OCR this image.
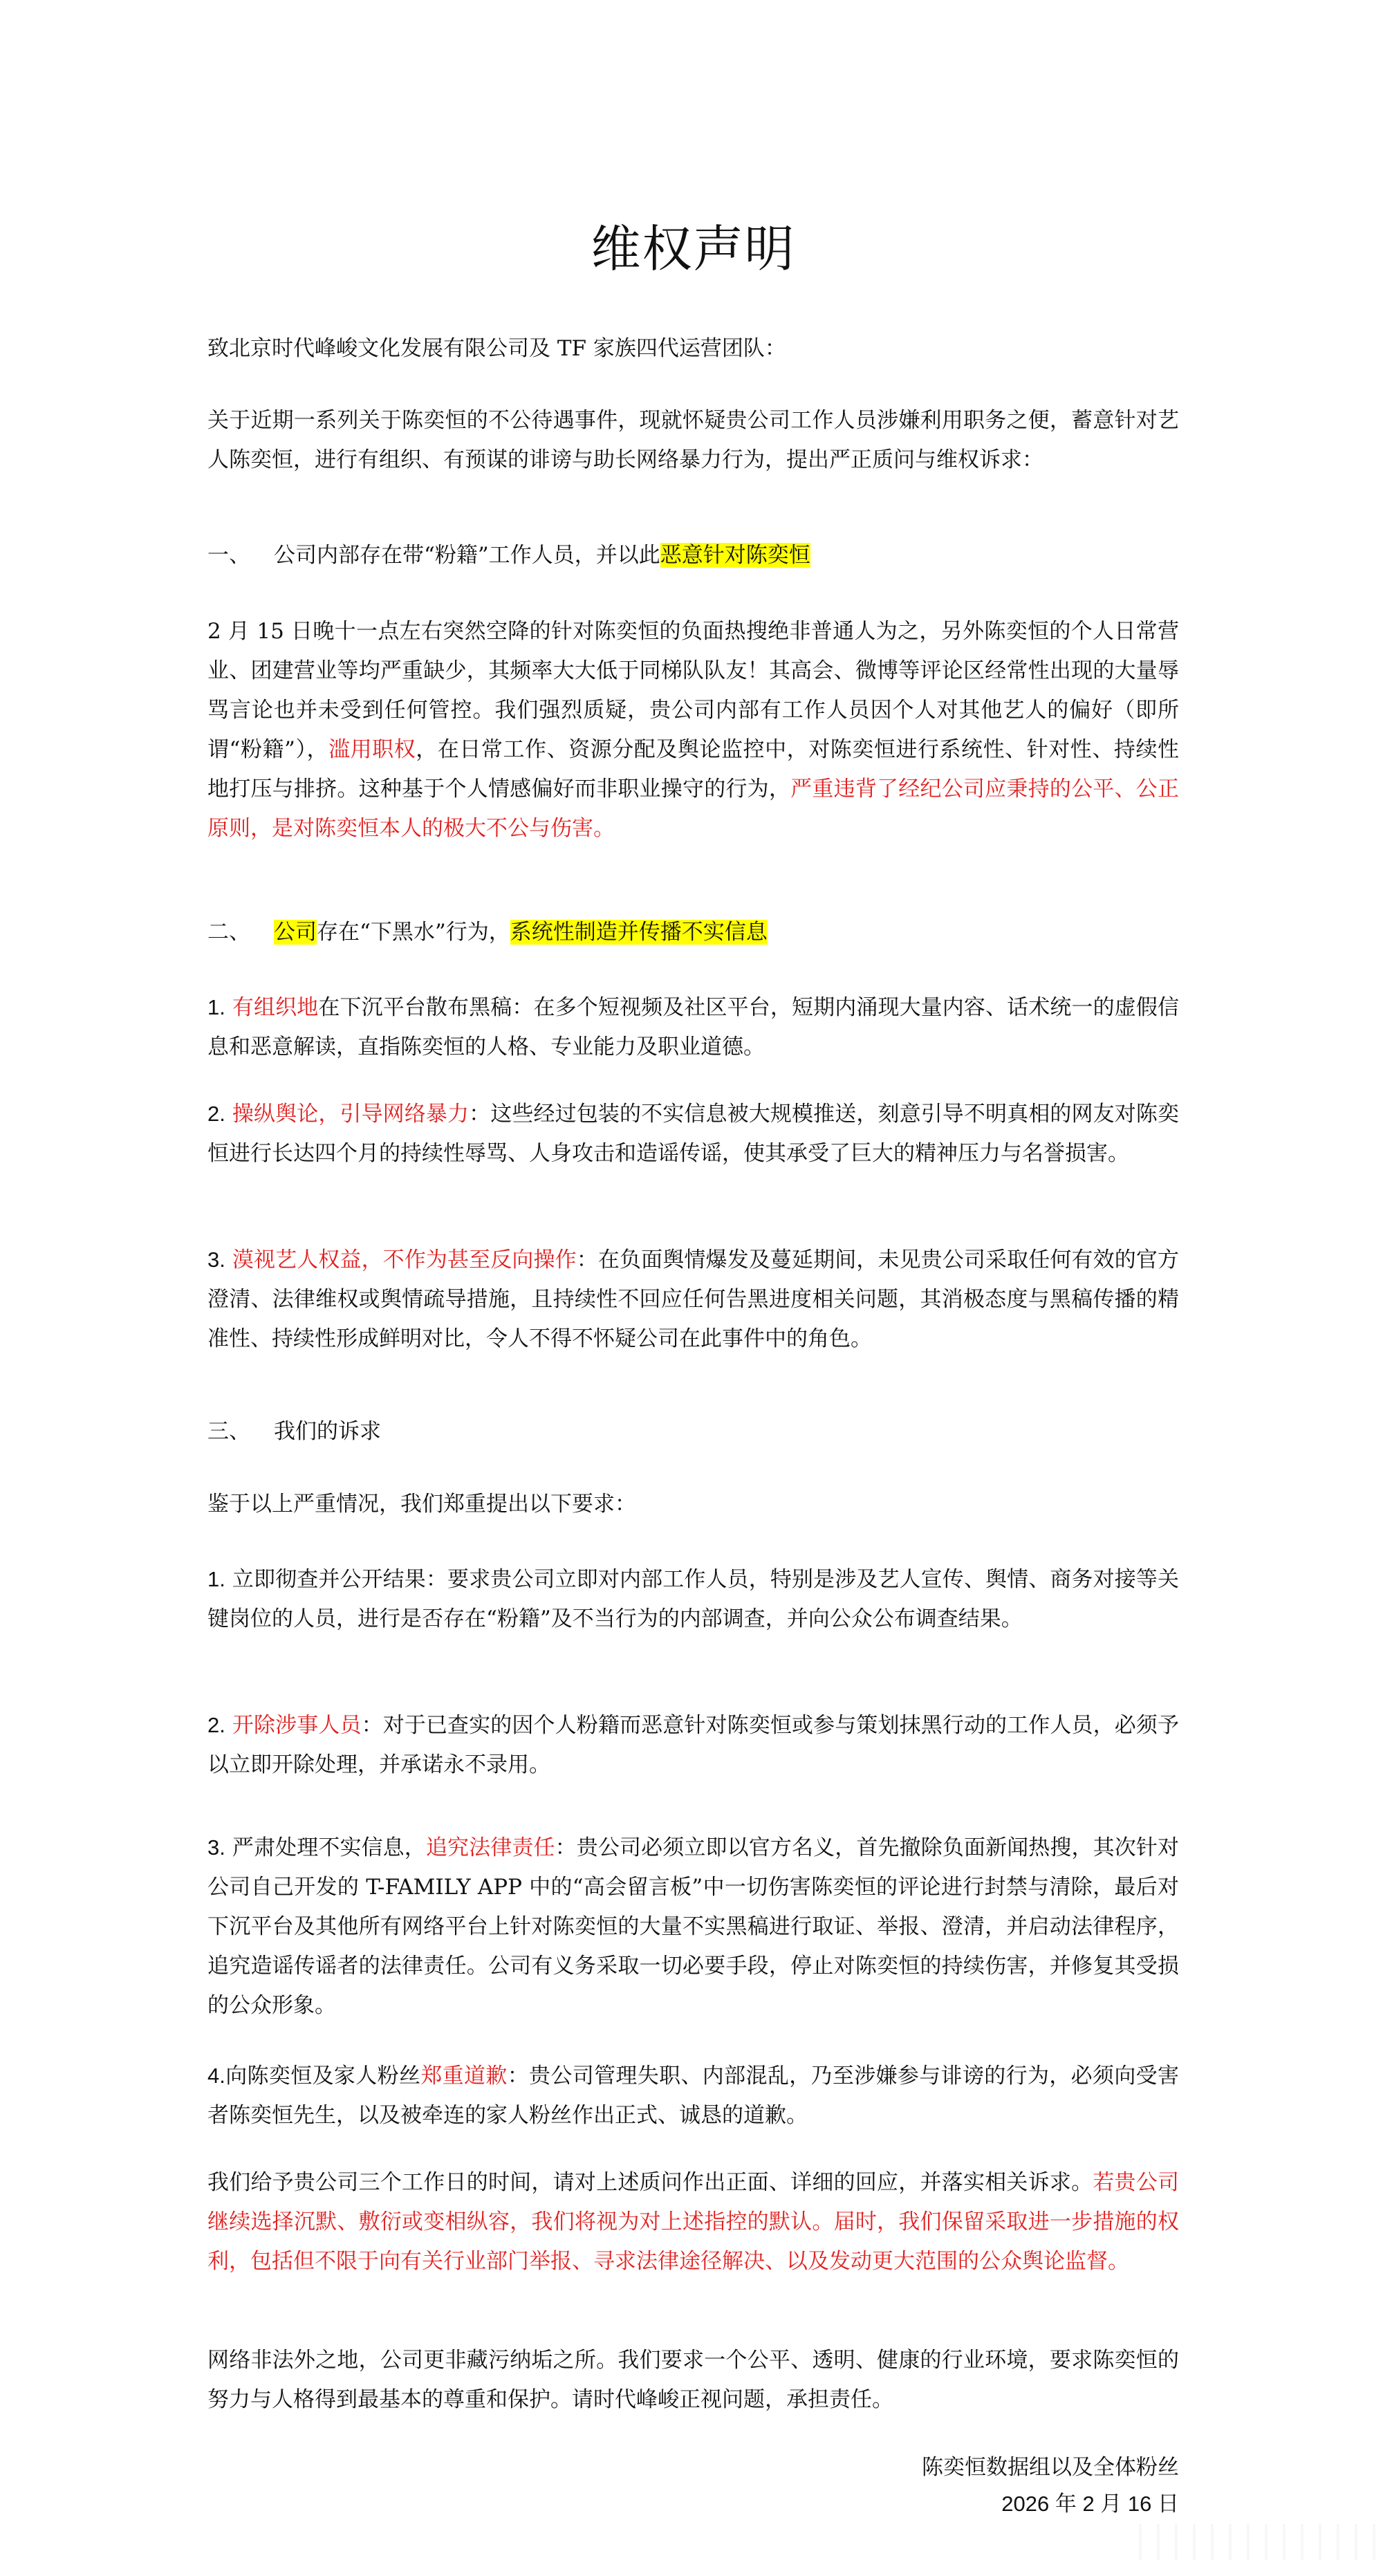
维权声明

致北京时代峰峻文化发展有限公司及 TF 家族四代运营团队：

关于近期一系列关于陈奕恒的不公待遇事件，现就怀疑贵公司工作人员涉嫌利用职务之便，蓄意针对艺人陈奕恒，进行有组织、有预谋的诽谤与助长网络暴力行为，提出严正质问与维权诉求：

一、 公司内部存在带“粉籍”工作人员，并以此恶意针对陈奕恒

2 月 15 日晚十一点左右突然空降的针对陈奕恒的负面热搜绝非普通人为之，另外陈奕恒的个人日常营业、团建营业等均严重缺少，其频率大大低于同梯队队友！其高会、微博等评论区经常性出现的大量辱骂言论也并未受到任何管控。我们强烈质疑，贵公司内部有工作人员因个人对其他艺人的偏好（即所谓“粉籍”），滥用职权，在日常工作、资源分配及舆论监控中，对陈奕恒进行系统性、针对性、持续性地打压与排挤。这种基于个人情感偏好而非职业操守的行为，严重违背了经纪公司应秉持的公平、公正原则，是对陈奕恒本人的极大不公与伤害。

二、 公司存在“下黑水”行为，系统性制造并传播不实信息

1. 有组织地在下沉平台散布黑稿：在多个短视频及社区平台，短期内涌现大量内容、话术统一的虚假信息和恶意解读，直指陈奕恒的人格、专业能力及职业道德。

2. 操纵舆论，引导网络暴力：这些经过包装的不实信息被大规模推送，刻意引导不明真相的网友对陈奕恒进行长达四个月的持续性辱骂、人身攻击和造谣传谣，使其承受了巨大的精神压力与名誉损害。

3. 漠视艺人权益，不作为甚至反向操作：在负面舆情爆发及蔓延期间，未见贵公司采取任何有效的官方澄清、法律维权或舆情疏导措施，且持续性不回应任何告黑进度相关问题，其消极态度与黑稿传播的精准性、持续性形成鲜明对比，令人不得不怀疑公司在此事件中的角色。

三、 我们的诉求

鉴于以上严重情况，我们郑重提出以下要求：

1. 立即彻查并公开结果：要求贵公司立即对内部工作人员，特别是涉及艺人宣传、舆情、商务对接等关键岗位的人员，进行是否存在“粉籍”及不当行为的内部调查，并向公众公布调查结果。

2. 开除涉事人员：对于已查实的因个人粉籍而恶意针对陈奕恒或参与策划抹黑行动的工作人员，必须予以立即开除处理，并承诺永不录用。

3. 严肃处理不实信息，追究法律责任：贵公司必须立即以官方名义，首先撤除负面新闻热搜，其次针对公司自己开发的 T-FAMILY APP 中的“高会留言板”中一切伤害陈奕恒的评论进行封禁与清除，最后对下沉平台及其他所有网络平台上针对陈奕恒的大量不实黑稿进行取证、举报、澄清，并启动法律程序，追究造谣传谣者的法律责任。公司有义务采取一切必要手段，停止对陈奕恒的持续伤害，并修复其受损的公众形象。

4.向陈奕恒及家人粉丝郑重道歉：贵公司管理失职、内部混乱，乃至涉嫌参与诽谤的行为，必须向受害者陈奕恒先生，以及被牵连的家人粉丝作出正式、诚恳的道歉。

我们给予贵公司三个工作日的时间，请对上述质问作出正面、详细的回应，并落实相关诉求。若贵公司继续选择沉默、敷衍或变相纵容，我们将视为对上述指控的默认。届时，我们保留采取进一步措施的权利，包括但不限于向有关行业部门举报、寻求法律途径解决、以及发动更大范围的公众舆论监督。

网络非法外之地，公司更非藏污纳垢之所。我们要求一个公平、透明、健康的行业环境，要求陈奕恒的努力与人格得到最基本的尊重和保护。请时代峰峻正视问题，承担责任。

陈奕恒数据组以及全体粉丝

2026 年 2 月 16 日
